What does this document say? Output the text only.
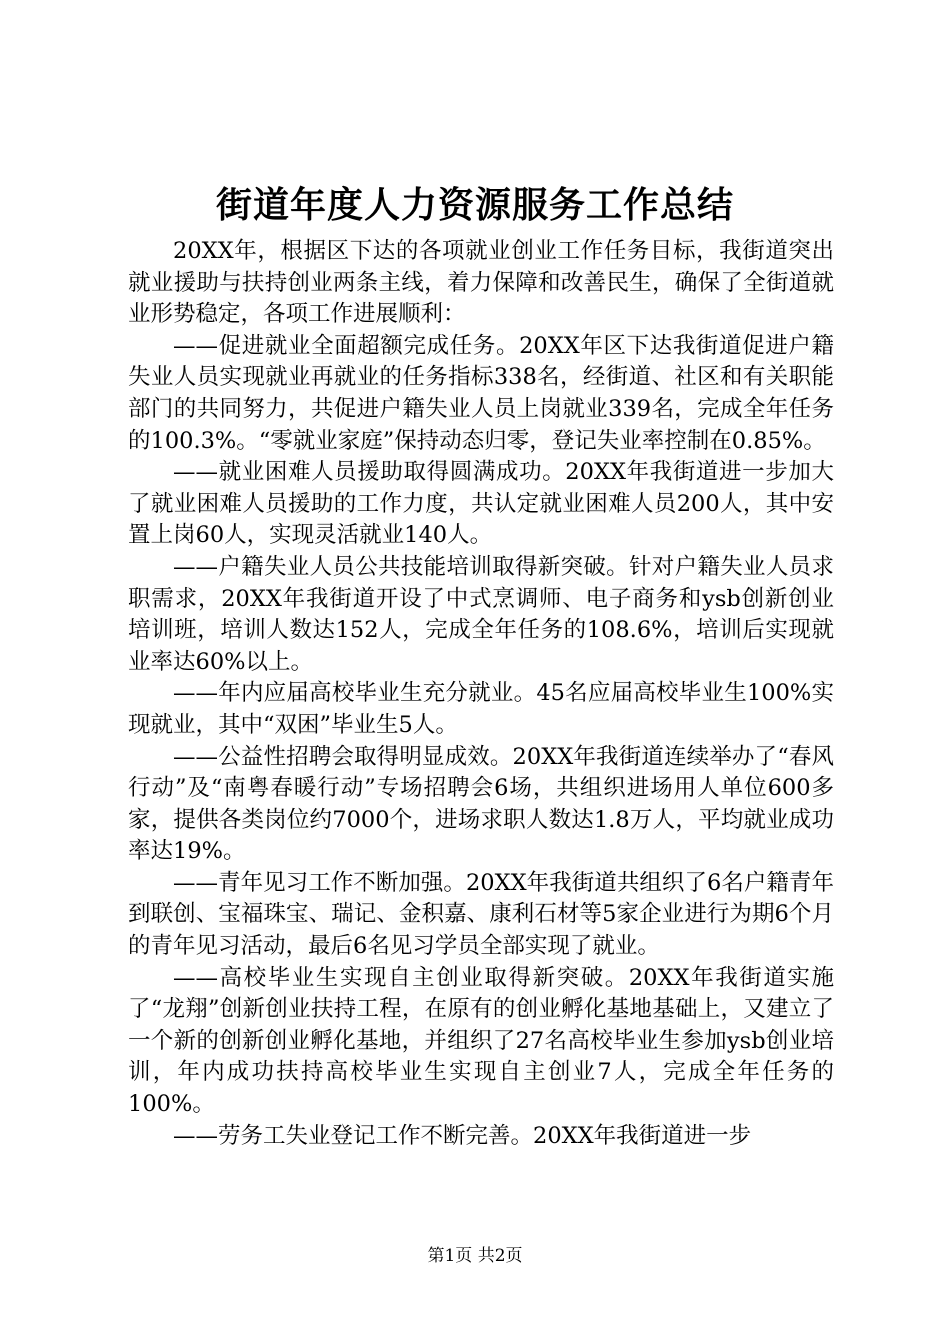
街道年度人力资源服务工作总结

20XX年，根据区下达的各项就业创业工作任务目标，我街道突出就业援助与扶持创业两条主线，着力保障和改善民生，确保了全街道就业形势稳定，各项工作进展顺利：

——促进就业全面超额完成任务。20XX年区下达我街道促进户籍失业人员实现就业再就业的任务指标338名，经街道、社区和有关职能部门的共同努力，共促进户籍失业人员上岗就业339名，完成全年任务的100.3%。“零就业家庭”保持动态归零，登记失业率控制在0.85%。

——就业困难人员援助取得圆满成功。20XX年我街道进一步加大了就业困难人员援助的工作力度，共认定就业困难人员200人，其中安置上岗60人，实现灵活就业140人。

——户籍失业人员公共技能培训取得新突破。针对户籍失业人员求职需求，20XX年我街道开设了中式烹调师、电子商务和ysb创新创业培训班，培训人数达152人，完成全年任务的108.6%，培训后实现就业率达60%以上。

——年内应届高校毕业生充分就业。45名应届高校毕业生100%实现就业，其中“双困”毕业生5人。

——公益性招聘会取得明显成效。20XX年我街道连续举办了“春风行动”及“南粤春暖行动”专场招聘会6场，共组织进场用人单位600多家，提供各类岗位约7000个，进场求职人数达1.8万人，平均就业成功率达19%。

——青年见习工作不断加强。20XX年我街道共组织了6名户籍青年到联创、宝福珠宝、瑞记、金积嘉、康利石材等5家企业进行为期6个月的青年见习活动，最后6名见习学员全部实现了就业。

——高校毕业生实现自主创业取得新突破。20XX年我街道实施了“龙翔”创新创业扶持工程，在原有的创业孵化基地基础上，又建立了一个新的创新创业孵化基地，并组织了27名高校毕业生参加ysb创业培训，年内成功扶持高校毕业生实现自主创业7人，完成全年任务的100%。

——劳务工失业登记工作不断完善。20XX年我街道进一步

第1页 共2页
